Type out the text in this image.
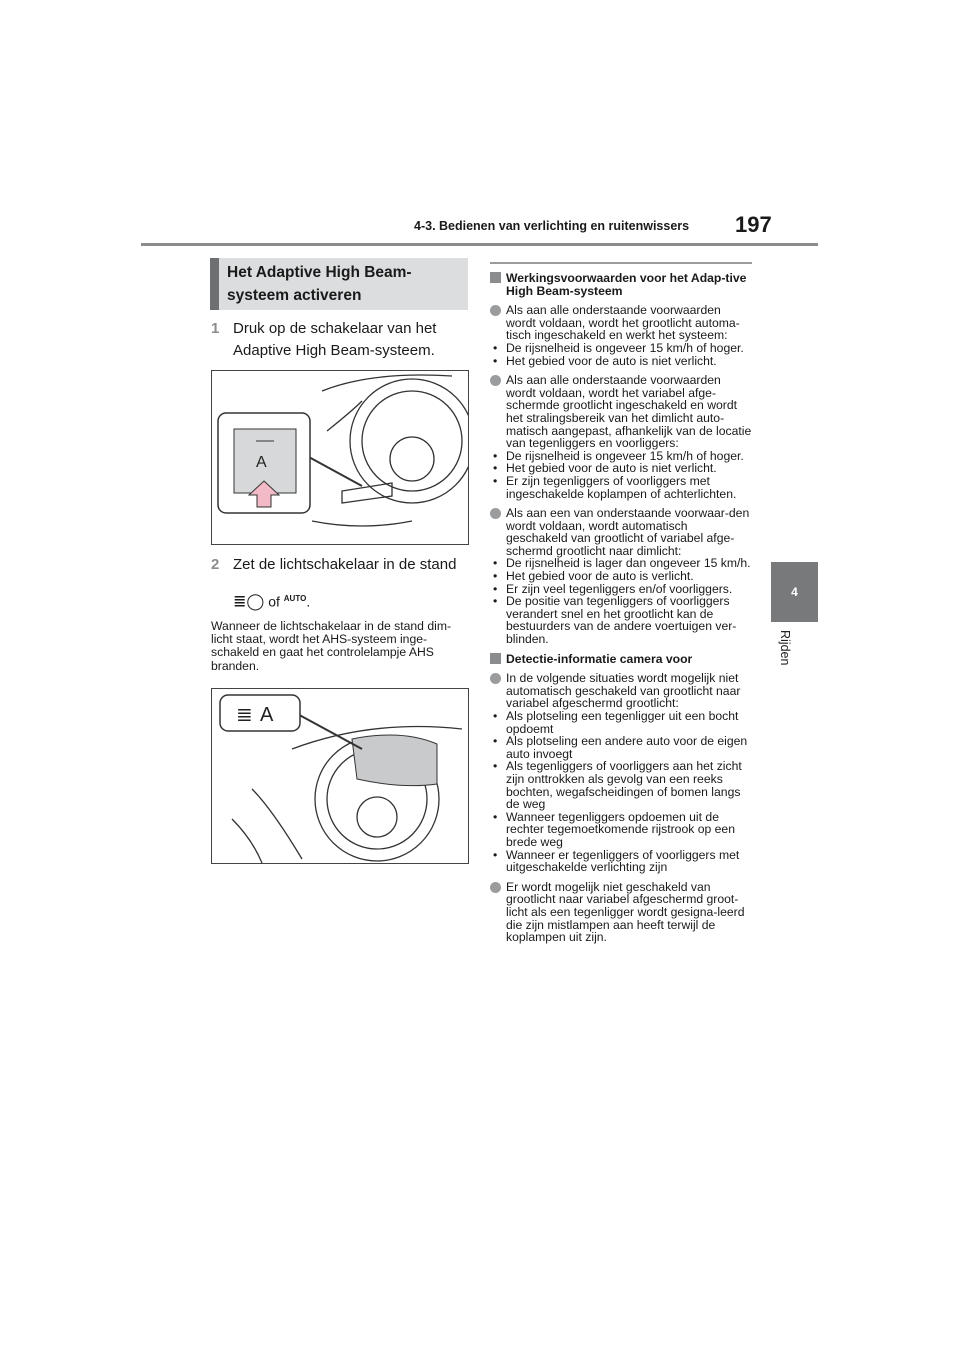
4-3. Bedienen van verlichting en ruitenwissers 197
4
Rijden
Het Adaptive High Beam-systeem activeren
1 Druk op de schakelaar van het Adaptive High Beam-systeem.
A
2 Zet de lichtschakelaar in de stand
≣◯ of $^{AUTO}$.
Wanneer de lichtschakelaar in de stand dim-licht staat, wordt het AHS-systeem inge-schakeld en gaat het controlelampje AHS branden.
A
≣
Werkingsvoorwaarden voor het Adap-tive High Beam-systeem
Als aan alle onderstaande voorwaarden wordt voldaan, wordt het grootlicht automa-tisch ingeschakeld en werkt het systeem:
• De rijsnelheid is ongeveer 15 km/h of hoger.
• Het gebied voor de auto is niet verlicht.
Als aan alle onderstaande voorwaarden wordt voldaan, wordt het variabel afge-schermde grootlicht ingeschakeld en wordt het stralingsbereik van het dimlicht auto-matisch aangepast, afhankelijk van de locatie van tegenliggers en voorliggers:
• De rijsnelheid is ongeveer 15 km/h of hoger.
• Het gebied voor de auto is niet verlicht.
• Er zijn tegenliggers of voorliggers met ingeschakelde koplampen of achterlichten.
Als aan een van onderstaande voorwaar-den wordt voldaan, wordt automatisch geschakeld van grootlicht of variabel afge-schermd grootlicht naar dimlicht:
• De rijsnelheid is lager dan ongeveer 15 km/h.
• Het gebied voor de auto is verlicht.
• Er zijn veel tegenliggers en/of voorliggers.
• De positie van tegenliggers of voorliggers verandert snel en het grootlicht kan de bestuurders van de andere voertuigen ver-blinden.
Detectie-informatie camera voor
In de volgende situaties wordt mogelijk niet automatisch geschakeld van grootlicht naar variabel afgeschermd grootlicht:
• Als plotseling een tegenligger uit een bocht opdoemt
• Als plotseling een andere auto voor de eigen auto invoegt
• Als tegenliggers of voorliggers aan het zicht zijn onttrokken als gevolg van een reeks bochten, wegafscheidingen of bomen langs de weg
• Wanneer tegenliggers opdoemen uit de rechter tegemoetkomende rijstrook op een brede weg
• Wanneer er tegenliggers of voorliggers met uitgeschakelde verlichting zijn
Er wordt mogelijk niet geschakeld van grootlicht naar variabel afgeschermd groot-licht als een tegenligger wordt gesigna-leerd die zijn mistlampen aan heeft terwijl de koplampen uit zijn.
